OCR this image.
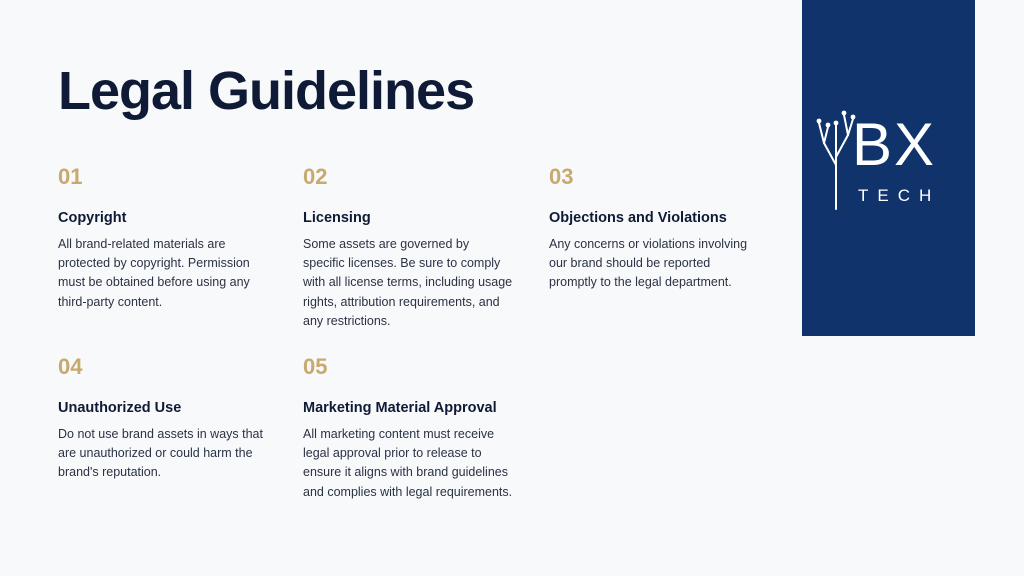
Legal Guidelines
01
Copyright
All brand-related materials are protected by copyright. Permission must be obtained before using any third-party content.
02
Licensing
Some assets are governed by specific licenses. Be sure to comply with all license terms, including usage rights, attribution requirements, and any restrictions.
03
Objections and Violations
Any concerns or violations involving our brand should be reported promptly to the legal department.
04
Unauthorized Use
Do not use brand assets in ways that are unauthorized or could harm the brand's reputation.
05
Marketing Material Approval
All marketing content must receive legal approval prior to release to ensure it aligns with brand guidelines and complies with legal requirements.
BX
TECH
